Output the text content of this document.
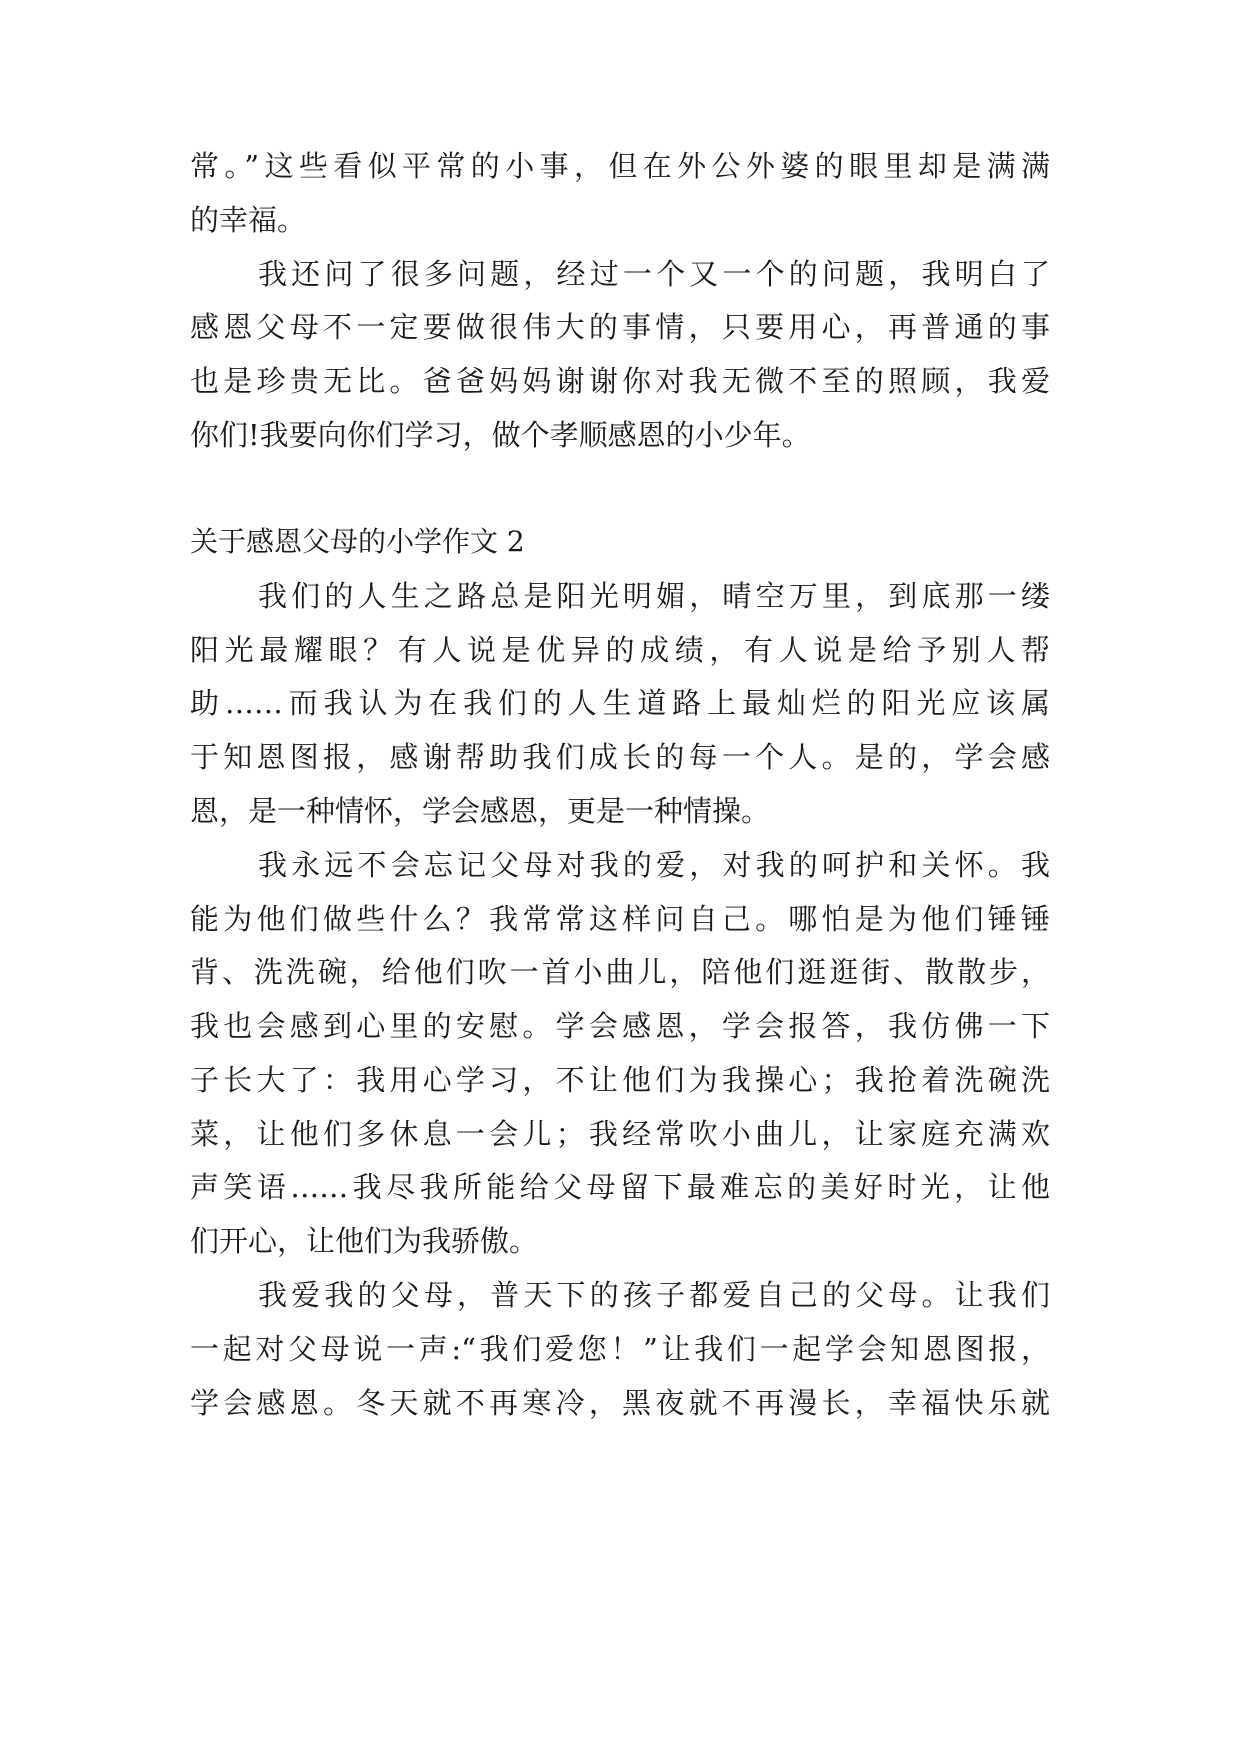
常。”这些看似平常的小事，但在外公外婆的眼里却是满满
的幸福。
我还问了很多问题，经过一个又一个的问题，我明白了
感恩父母不一定要做很伟大的事情，只要用心，再普通的事
也是珍贵无比。爸爸妈妈谢谢你对我无微不至的照顾，我爱
你们!我要向你们学习，做个孝顺感恩的小少年。
关于感恩父母的小学作文 2
我们的人生之路总是阳光明媚，晴空万里，到底那一缕
阳光最耀眼？有人说是优异的成绩，有人说是给予别人帮
助……而我认为在我们的人生道路上最灿烂的阳光应该属
于知恩图报，感谢帮助我们成长的每一个人。是的，学会感
恩，是一种情怀，学会感恩，更是一种情操。
我永远不会忘记父母对我的爱，对我的呵护和关怀。我
能为他们做些什么？我常常这样问自己。哪怕是为他们锤锤
背、洗洗碗，给他们吹一首小曲儿，陪他们逛逛街、散散步，
我也会感到心里的安慰。学会感恩，学会报答，我仿佛一下
子长大了：我用心学习，不让他们为我操心；我抢着洗碗洗
菜，让他们多休息一会儿；我经常吹小曲儿，让家庭充满欢
声笑语……我尽我所能给父母留下最难忘的美好时光，让他
们开心，让他们为我骄傲。
我爱我的父母，普天下的孩子都爱自己的父母。让我们
一起对父母说一声:“我们爱您！”让我们一起学会知恩图报，
学会感恩。冬天就不再寒冷，黑夜就不再漫长，幸福快乐就
